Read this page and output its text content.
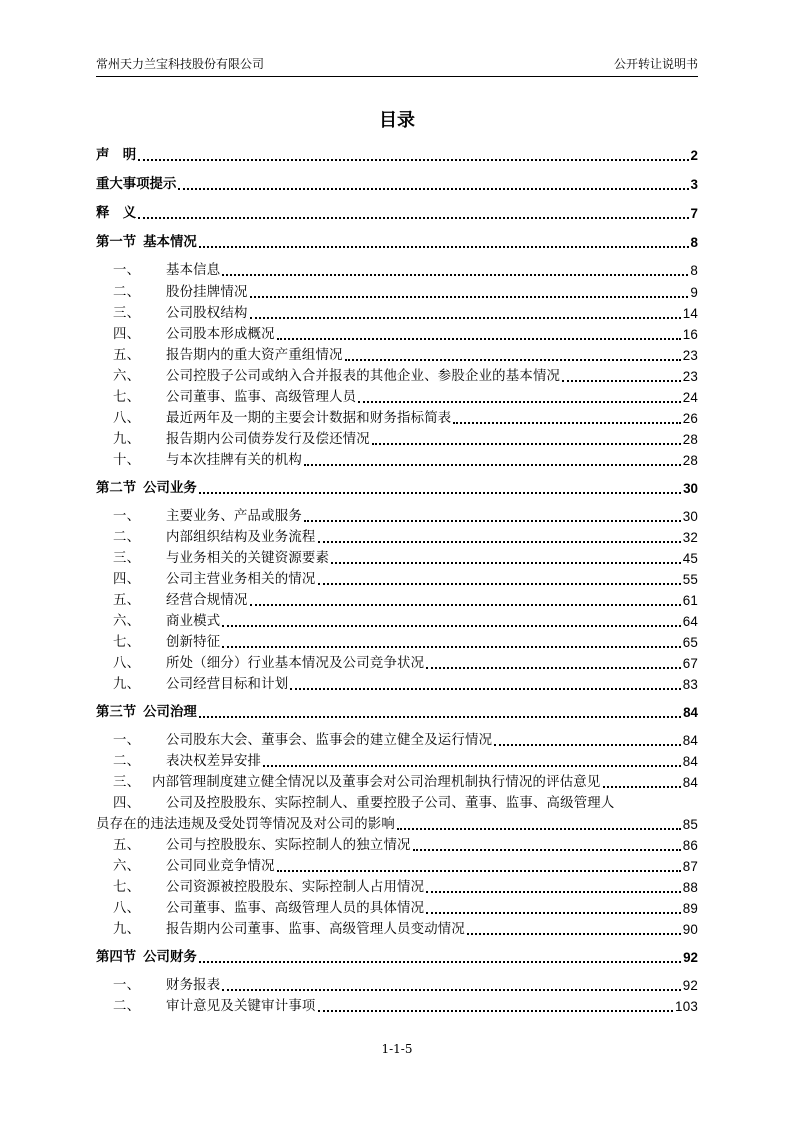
常州天力兰宝科技股份有限公司	公开转让说明书
目录
声　明	2
重大事项提示	3
释　义	7
第一节 基本情况	8
一、	基本信息	8
二、	股份挂牌情况	9
三、	公司股权结构	14
四、	公司股本形成概况	16
五、	报告期内的重大资产重组情况	23
六、	公司控股子公司或纳入合并报表的其他企业、参股企业的基本情况	23
七、	公司董事、监事、高级管理人员	24
八、	最近两年及一期的主要会计数据和财务指标简表	26
九、	报告期内公司债券发行及偿还情况	28
十、	与本次挂牌有关的机构	28
第二节 公司业务	30
一、	主要业务、产品或服务	30
二、	内部组织结构及业务流程	32
三、	与业务相关的关键资源要素	45
四、	公司主营业务相关的情况	55
五、	经营合规情况	61
六、	商业模式	64
七、	创新特征	65
八、	所处（细分）行业基本情况及公司竞争状况	67
九、	公司经营目标和计划	83
第三节 公司治理	84
一、	公司股东大会、董事会、监事会的建立健全及运行情况	84
二、	表决权差异安排	84
三、 内部管理制度建立健全情况以及董事会对公司治理机制执行情况的评估意见	84
四、 公司及控股股东、实际控制人、重要控股子公司、董事、监事、高级管理人
员存在的违法违规及受处罚等情况及对公司的影响	85
五、	公司与控股股东、实际控制人的独立情况	86
六、	公司同业竞争情况	87
七、	公司资源被控股股东、实际控制人占用情况	88
八、	公司董事、监事、高级管理人员的具体情况	89
九、	报告期内公司董事、监事、高级管理人员变动情况	90
第四节 公司财务	92
一、	财务报表	92
二、	审计意见及关键审计事项	103
1-1-5
